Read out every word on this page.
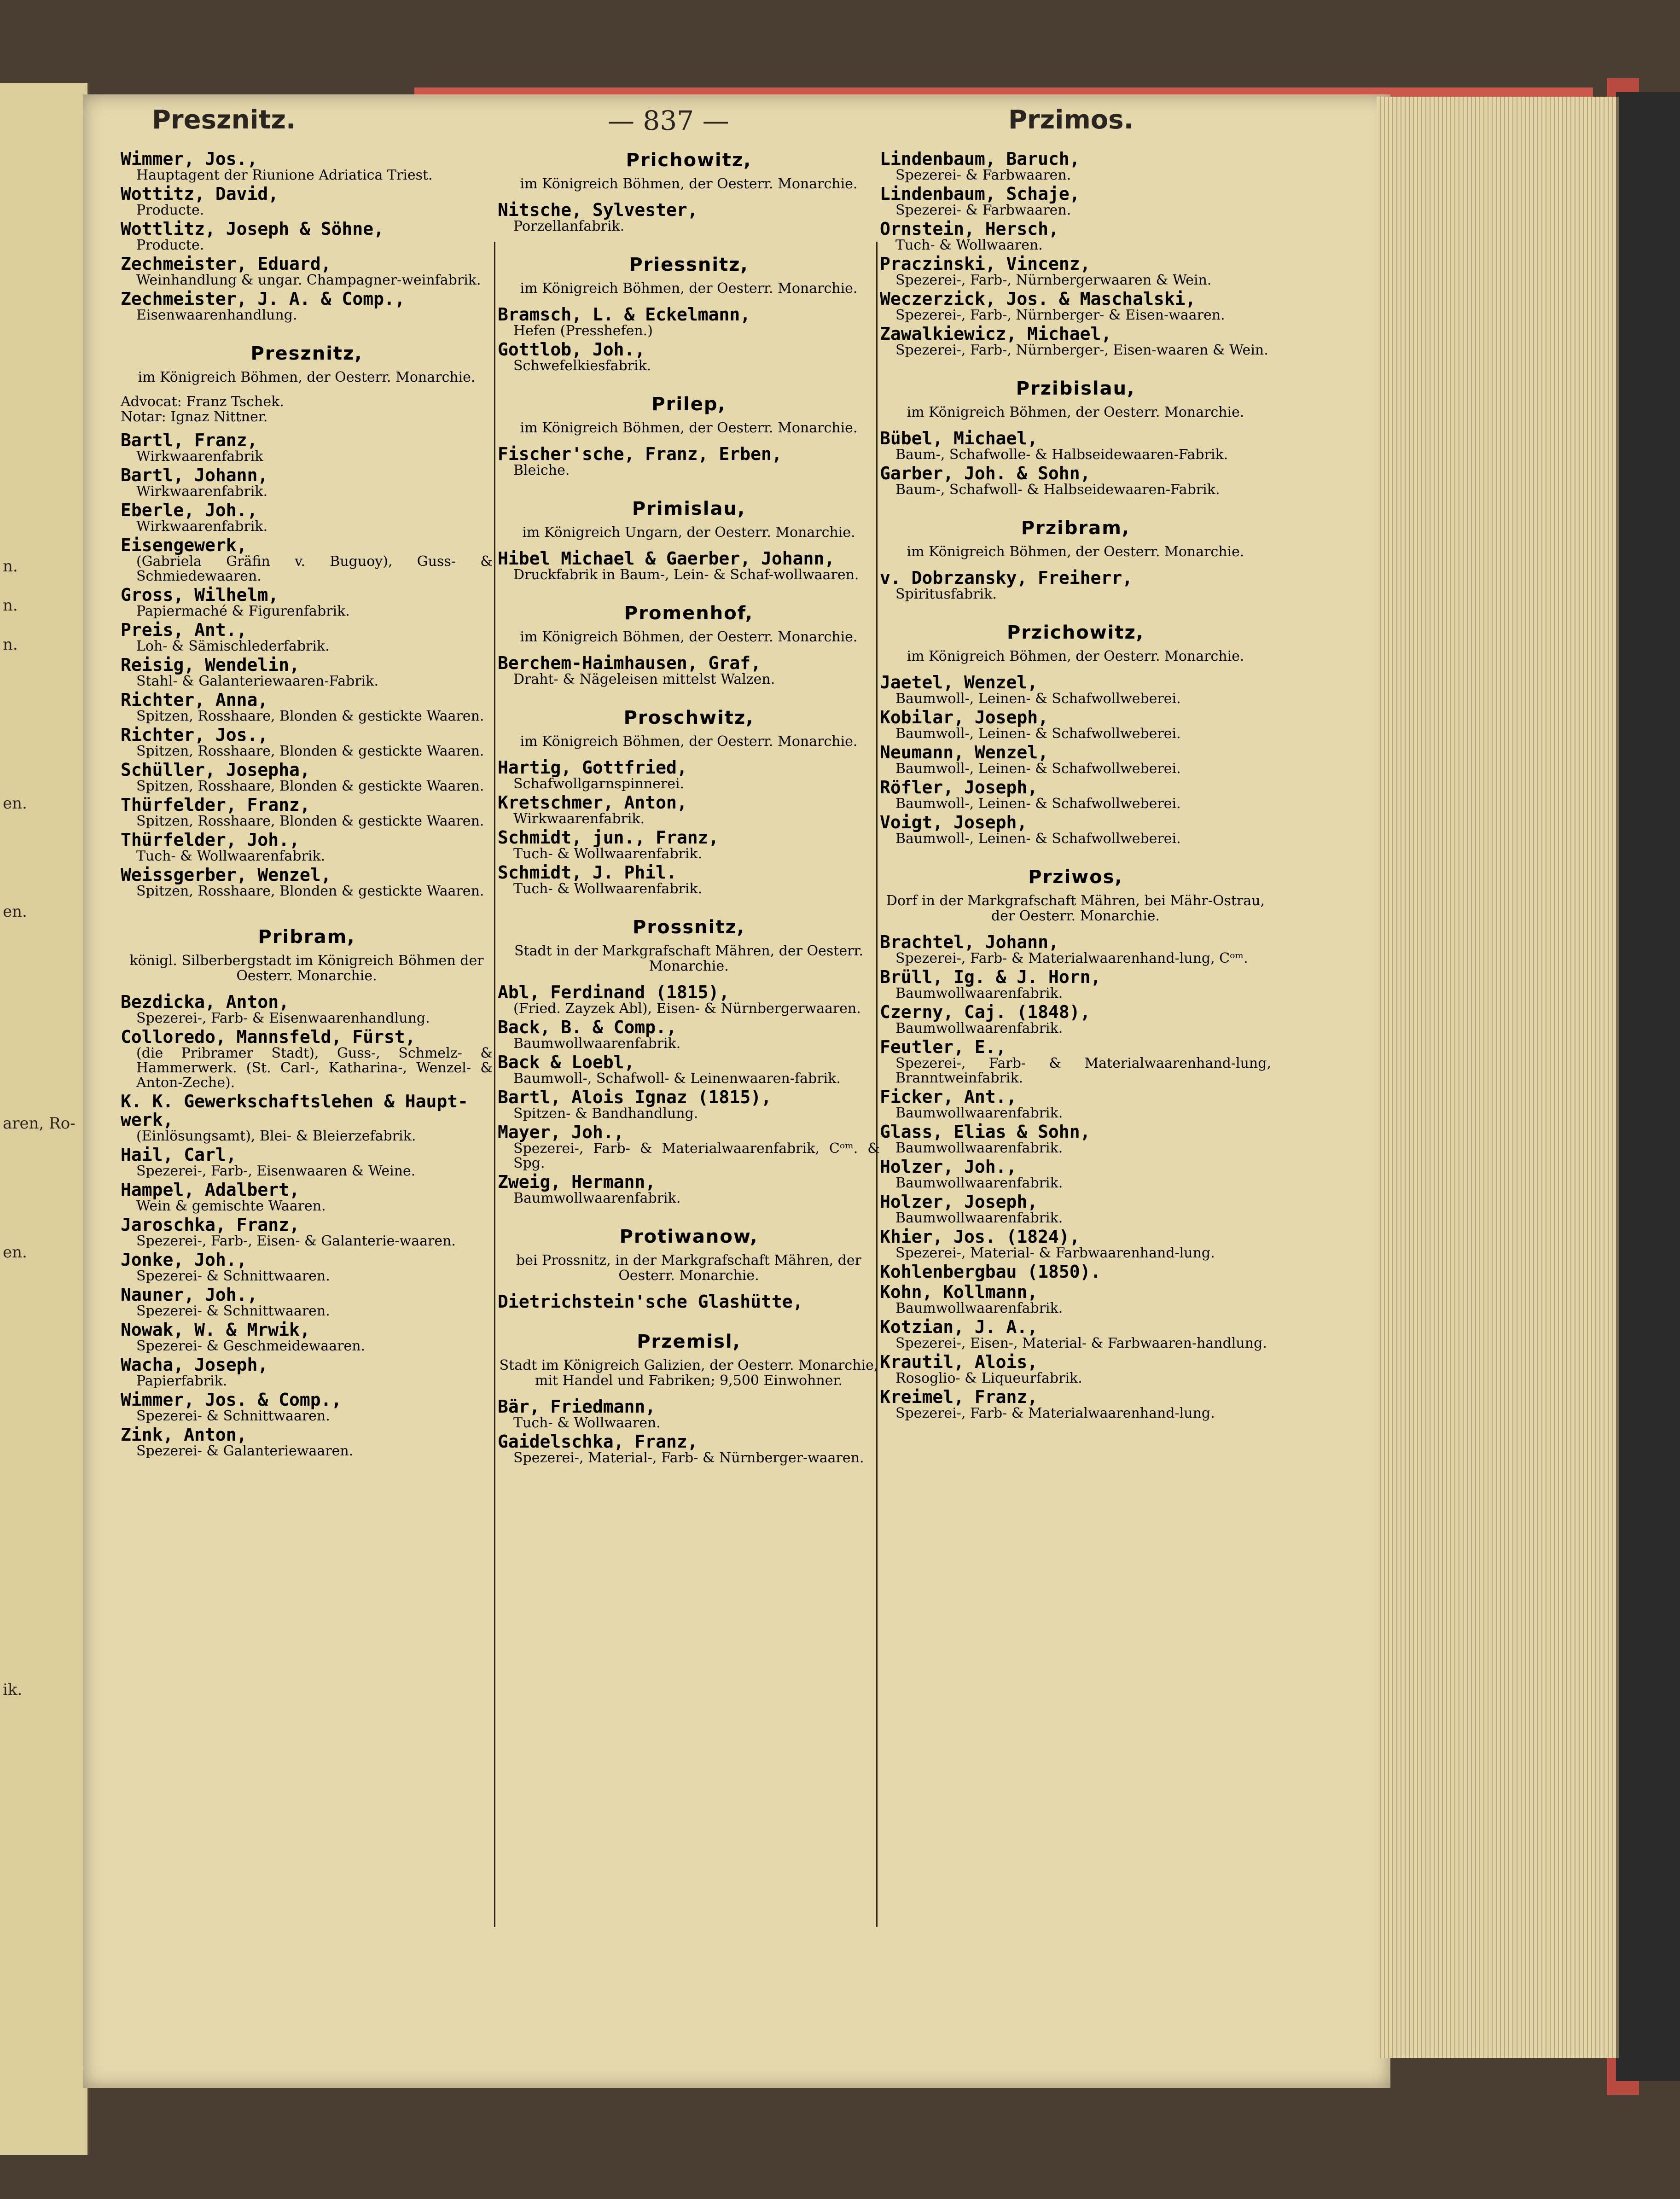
n.
n.
n.
en.
en.
aren, Ro-
en.
ik.
Presznitz.	— 837 —	Przimos.
Wimmer, Jos.,
Hauptagent der Riunione Adriatica Triest.
Wottitz, David,
Producte.
Wottlitz, Joseph & Söhne,
Producte.
Zechmeister, Eduard,
Weinhandlung & ungar. Champagner-weinfabrik.
Zechmeister, J. A. & Comp.,
Eisenwaarenhandlung.
Presznitz,
im Königreich Böhmen, der Oesterr. Monarchie.
Advocat: Franz Tschek.
Notar: Ignaz Nittner.
Bartl, Franz,
Wirkwaarenfabrik
Bartl, Johann,
Wirkwaarenfabrik.
Eberle, Joh.,
Wirkwaarenfabrik.
Eisengewerk,
(Gabriela Gräfin v. Buguoy), Guss- & Schmiedewaaren.
Gross, Wilhelm,
Papiermaché & Figurenfabrik.
Preis, Ant.,
Loh- & Sämischlederfabrik.
Reisig, Wendelin,
Stahl- & Galanteriewaaren-Fabrik.
Richter, Anna,
Spitzen, Rosshaare, Blonden & gestickte Waaren.
Richter, Jos.,
Spitzen, Rosshaare, Blonden & gestickte Waaren.
Schüller, Josepha,
Spitzen, Rosshaare, Blonden & gestickte Waaren.
Thürfelder, Franz,
Spitzen, Rosshaare, Blonden & gestickte Waaren.
Thürfelder, Joh.,
Tuch- & Wollwaarenfabrik.
Weissgerber, Wenzel,
Spitzen, Rosshaare, Blonden & gestickte Waaren.
Pribram,
königl. Silberbergstadt im Königreich Böhmen der Oesterr. Monarchie.
Bezdicka, Anton,
Spezerei-, Farb- & Eisenwaarenhandlung.
Colloredo, Mannsfeld, Fürst,
(die Pribramer Stadt), Guss-, Schmelz- & Hammerwerk. (St. Carl-, Katharina-, Wenzel- & Anton-Zeche).
K. K. Gewerkschaftslehen & Haupt-werk,
(Einlösungsamt), Blei- & Bleierzefabrik.
Hail, Carl,
Spezerei-, Farb-, Eisenwaaren & Weine.
Hampel, Adalbert,
Wein & gemischte Waaren.
Jaroschka, Franz,
Spezerei-, Farb-, Eisen- & Galanterie-waaren.
Jonke, Joh.,
Spezerei- & Schnittwaaren.
Nauner, Joh.,
Spezerei- & Schnittwaaren.
Nowak, W. & Mrwik,
Spezerei- & Geschmeidewaaren.
Wacha, Joseph,
Papierfabrik.
Wimmer, Jos. & Comp.,
Spezerei- & Schnittwaaren.
Zink, Anton,
Spezerei- & Galanteriewaaren.
Prichowitz,
im Königreich Böhmen, der Oesterr. Monarchie.
Nitsche, Sylvester,
Porzellanfabrik.
Priessnitz,
im Königreich Böhmen, der Oesterr. Monarchie.
Bramsch, L. & Eckelmann,
Hefen (Presshefen.)
Gottlob, Joh.,
Schwefelkiesfabrik.
Prilep,
im Königreich Böhmen, der Oesterr. Monarchie.
Fischer'sche, Franz, Erben,
Bleiche.
Primislau,
im Königreich Ungarn, der Oesterr. Monarchie.
Hibel Michael & Gaerber, Johann,
Druckfabrik in Baum-, Lein- & Schaf-wollwaaren.
Promenhof,
im Königreich Böhmen, der Oesterr. Monarchie.
Berchem-Haimhausen, Graf,
Draht- & Nägeleisen mittelst Walzen.
Proschwitz,
im Königreich Böhmen, der Oesterr. Monarchie.
Hartig, Gottfried,
Schafwollgarnspinnerei.
Kretschmer, Anton,
Wirkwaarenfabrik.
Schmidt, jun., Franz,
Tuch- & Wollwaarenfabrik.
Schmidt, J. Phil.
Tuch- & Wollwaarenfabrik.
Prossnitz,
Stadt in der Markgrafschaft Mähren, der Oesterr. Monarchie.
Abl, Ferdinand (1815),
(Fried. Zayzek Abl), Eisen- & Nürnbergerwaaren.
Back, B. & Comp.,
Baumwollwaarenfabrik.
Back & Loebl,
Baumwoll-, Schafwoll- & Leinenwaaren-fabrik.
Bartl, Alois Ignaz (1815),
Spitzen- & Bandhandlung.
Mayer, Joh.,
Spezerei-, Farb- & Materialwaarenfabrik, Cᵒᵐ. & Spg.
Zweig, Hermann,
Baumwollwaarenfabrik.
Protiwanow,
bei Prossnitz, in der Markgrafschaft Mähren, der Oesterr. Monarchie.
Dietrichstein'sche Glashütte,
Przemisl,
Stadt im Königreich Galizien, der Oesterr. Monarchie, mit Handel und Fabriken; 9,500 Einwohner.
Bär, Friedmann,
Tuch- & Wollwaaren.
Gaidelschka, Franz,
Spezerei-, Material-, Farb- & Nürnberger-waaren.
Lindenbaum, Baruch,
Spezerei- & Farbwaaren.
Lindenbaum, Schaje,
Spezerei- & Farbwaaren.
Ornstein, Hersch,
Tuch- & Wollwaaren.
Praczinski, Vincenz,
Spezerei-, Farb-, Nürnbergerwaaren & Wein.
Weczerzick, Jos. & Maschalski,
Spezerei-, Farb-, Nürnberger- & Eisen-waaren.
Zawalkiewicz, Michael,
Spezerei-, Farb-, Nürnberger-, Eisen-waaren & Wein.
Przibislau,
im Königreich Böhmen, der Oesterr. Monarchie.
Bübel, Michael,
Baum-, Schafwolle- & Halbseidewaaren-Fabrik.
Garber, Joh. & Sohn,
Baum-, Schafwoll- & Halbseidewaaren-Fabrik.
Przibram,
im Königreich Böhmen, der Oesterr. Monarchie.
v. Dobrzansky, Freiherr,
Spiritusfabrik.
Przichowitz,
im Königreich Böhmen, der Oesterr. Monarchie.
Jaetel, Wenzel,
Baumwoll-, Leinen- & Schafwollweberei.
Kobilar, Joseph,
Baumwoll-, Leinen- & Schafwollweberei.
Neumann, Wenzel,
Baumwoll-, Leinen- & Schafwollweberei.
Röfler, Joseph,
Baumwoll-, Leinen- & Schafwollweberei.
Voigt, Joseph,
Baumwoll-, Leinen- & Schafwollweberei.
Prziwos,
Dorf in der Markgrafschaft Mähren, bei Mähr-Ostrau, der Oesterr. Monarchie.
Brachtel, Johann,
Spezerei-, Farb- & Materialwaarenhand-lung, Cᵒᵐ.
Brüll, Ig. & J. Horn,
Baumwollwaarenfabrik.
Czerny, Caj. (1848),
Baumwollwaarenfabrik.
Feutler, E.,
Spezerei-, Farb- & Materialwaarenhand-lung, Branntweinfabrik.
Ficker, Ant.,
Baumwollwaarenfabrik.
Glass, Elias & Sohn,
Baumwollwaarenfabrik.
Holzer, Joh.,
Baumwollwaarenfabrik.
Holzer, Joseph,
Baumwollwaarenfabrik.
Khier, Jos. (1824),
Spezerei-, Material- & Farbwaarenhand-lung.
Kohlenbergbau (1850).
Kohn, Kollmann,
Baumwollwaarenfabrik.
Kotzian, J. A.,
Spezerei-, Eisen-, Material- & Farbwaaren-handlung.
Krautil, Alois,
Rosoglio- & Liqueurfabrik.
Kreimel, Franz,
Spezerei-, Farb- & Materialwaarenhand-lung.
